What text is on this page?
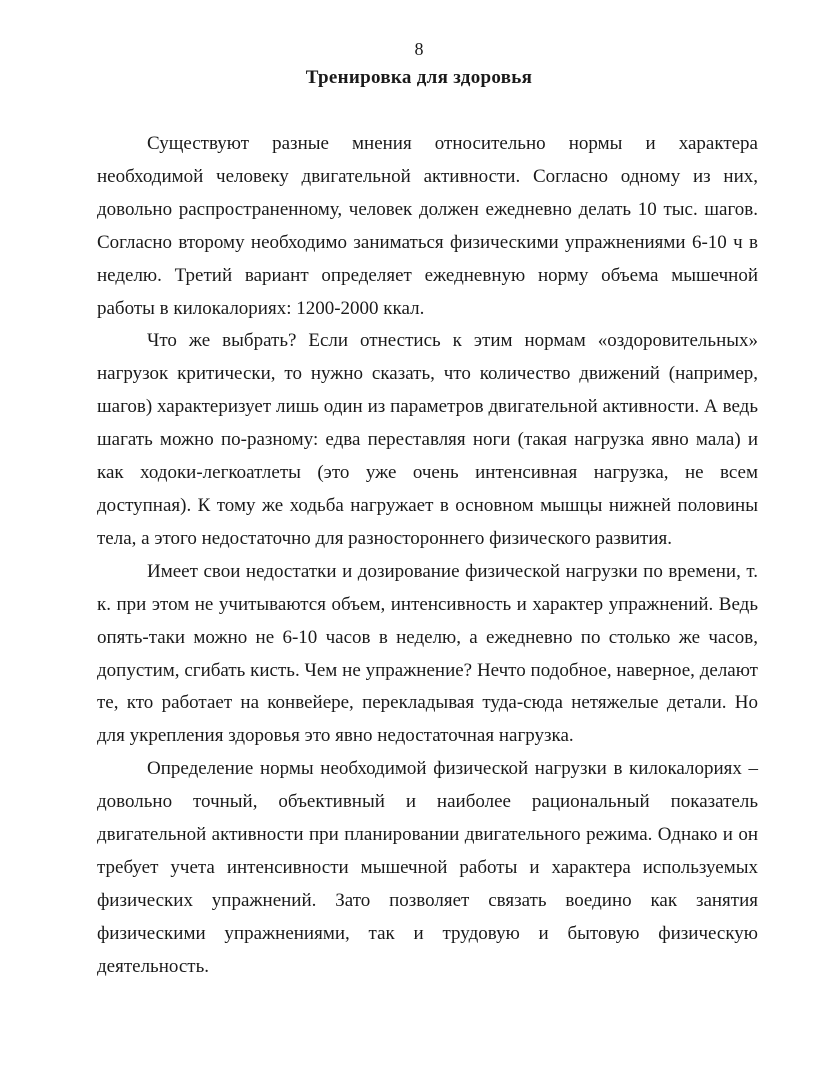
8
Тренировка для здоровья

Существуют разные мнения относительно нормы и характера необходимой человеку двигательной активности. Согласно одному из них, довольно распространенному, человек должен ежедневно делать 10 тыс. шагов. Согласно второму необходимо заниматься физическими упражнениями 6-10 ч в неделю. Третий вариант определяет ежедневную норму объема мышечной работы в килокалориях: 1200-2000 ккал.

Что же выбрать? Если отнестись к этим нормам «оздоровительных» нагрузок критически, то нужно сказать, что количество движений (например, шагов) характеризует лишь один из параметров двигательной активности. А ведь шагать можно по-разному: едва переставляя ноги (такая нагрузка явно мала) и как ходоки-легкоатлеты (это уже очень интенсивная нагрузка, не всем доступная). К тому же ходьба нагружает в основном мышцы нижней половины тела, а этого недостаточно для разностороннего физического развития.

Имеет свои недостатки и дозирование физической нагрузки по времени, т. к. при этом не учитываются объем, интенсивность и характер упражнений. Ведь опять-таки можно не 6-10 часов в неделю, а ежедневно по столько же часов, допустим, сгибать кисть. Чем не упражнение? Нечто подобное, наверное, делают те, кто работает на конвейере, перекладывая туда-сюда нетяжелые детали. Но для укрепления здоровья это явно недостаточная нагрузка.

Определение нормы необходимой физической нагрузки в килокалориях – довольно точный, объективный и наиболее рациональный показатель двигательной активности при планировании двигательного режима. Однако и он требует учета интенсивности мышечной работы и характера используемых физических упражнений. Зато позволяет связать воедино как занятия физическими упражнениями, так и трудовую и бытовую физическую деятельность.
